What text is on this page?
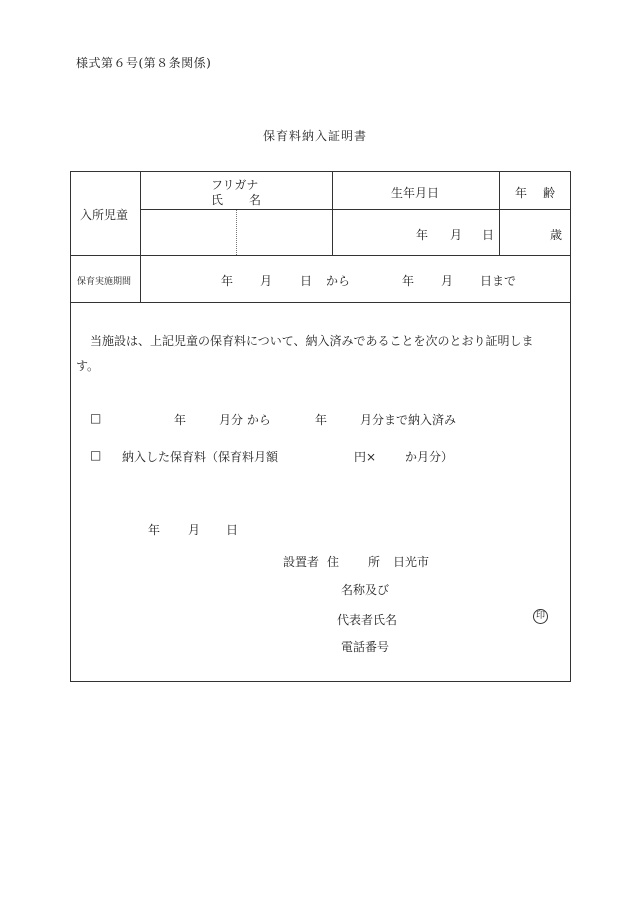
様式第６号(第８条関係)
保育料納入証明書
入所児童
フリガナ
氏 名	生年月日	年 齢
年 月 日	歳
保育実施期間	年 月 日 から	年 月 日まで
当施設は、上記児童の保育料について、納入済みであることを次のとおり証明しま
す。
□	年	月分 から	年	月分まで納入済み
□ 納入した保育料（保育料月額	円× か月分）
年 月 日
設置者 住 所 日光市
名称及び
代表者氏名	印
電話番号
